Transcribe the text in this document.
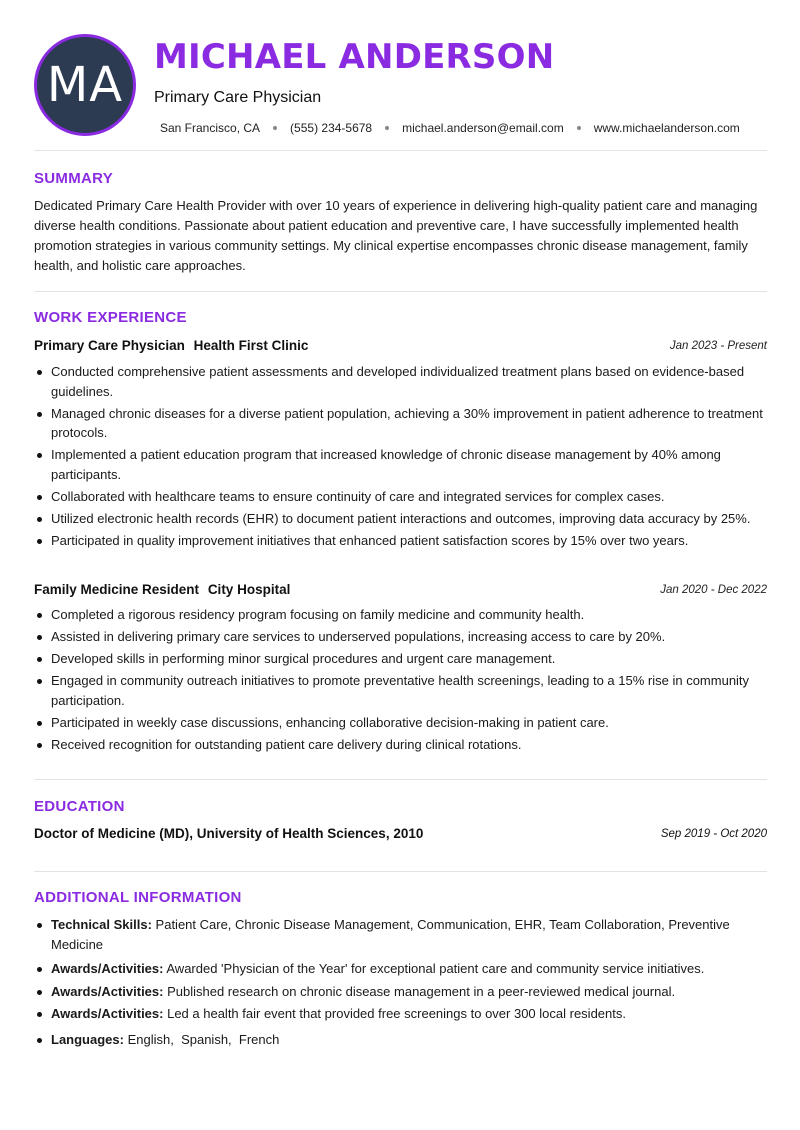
MA MICHAEL ANDERSON
Primary Care Physician
San Francisco, CA	(555) 234-5678	michael.anderson@email.com	www.michaelanderson.com
SUMMARY
Dedicated Primary Care Health Provider with over 10 years of experience in delivering high-quality patient care and managing diverse health conditions. Passionate about patient education and preventive care, I have successfully implemented health promotion strategies in various community settings. My clinical expertise encompasses chronic disease management, family health, and holistic care approaches.
WORK EXPERIENCE
Primary Care Physician Health First Clinic	Jan 2023 - Present
Conducted comprehensive patient assessments and developed individualized treatment plans based on evidence-based guidelines.
Managed chronic diseases for a diverse patient population, achieving a 30% improvement in patient adherence to treatment protocols.
Implemented a patient education program that increased knowledge of chronic disease management by 40% among participants.
Collaborated with healthcare teams to ensure continuity of care and integrated services for complex cases.
Utilized electronic health records (EHR) to document patient interactions and outcomes, improving data accuracy by 25%.
Participated in quality improvement initiatives that enhanced patient satisfaction scores by 15% over two years.
Family Medicine Resident City Hospital	Jan 2020 - Dec 2022
Completed a rigorous residency program focusing on family medicine and community health.
Assisted in delivering primary care services to underserved populations, increasing access to care by 20%.
Developed skills in performing minor surgical procedures and urgent care management.
Engaged in community outreach initiatives to promote preventative health screenings, leading to a 15% rise in community participation.
Participated in weekly case discussions, enhancing collaborative decision-making in patient care.
Received recognition for outstanding patient care delivery during clinical rotations.
EDUCATION
Doctor of Medicine (MD), University of Health Sciences, 2010	Sep 2019 - Oct 2020
ADDITIONAL INFORMATION
Technical Skills: Patient Care, Chronic Disease Management, Communication, EHR, Team Collaboration, Preventive Medicine
Awards/Activities: Awarded 'Physician of the Year' for exceptional patient care and community service initiatives.
Awards/Activities: Published research on chronic disease management in a peer-reviewed medical journal.
Awards/Activities: Led a health fair event that provided free screenings to over 300 local residents.
Languages: English,  Spanish,  French
